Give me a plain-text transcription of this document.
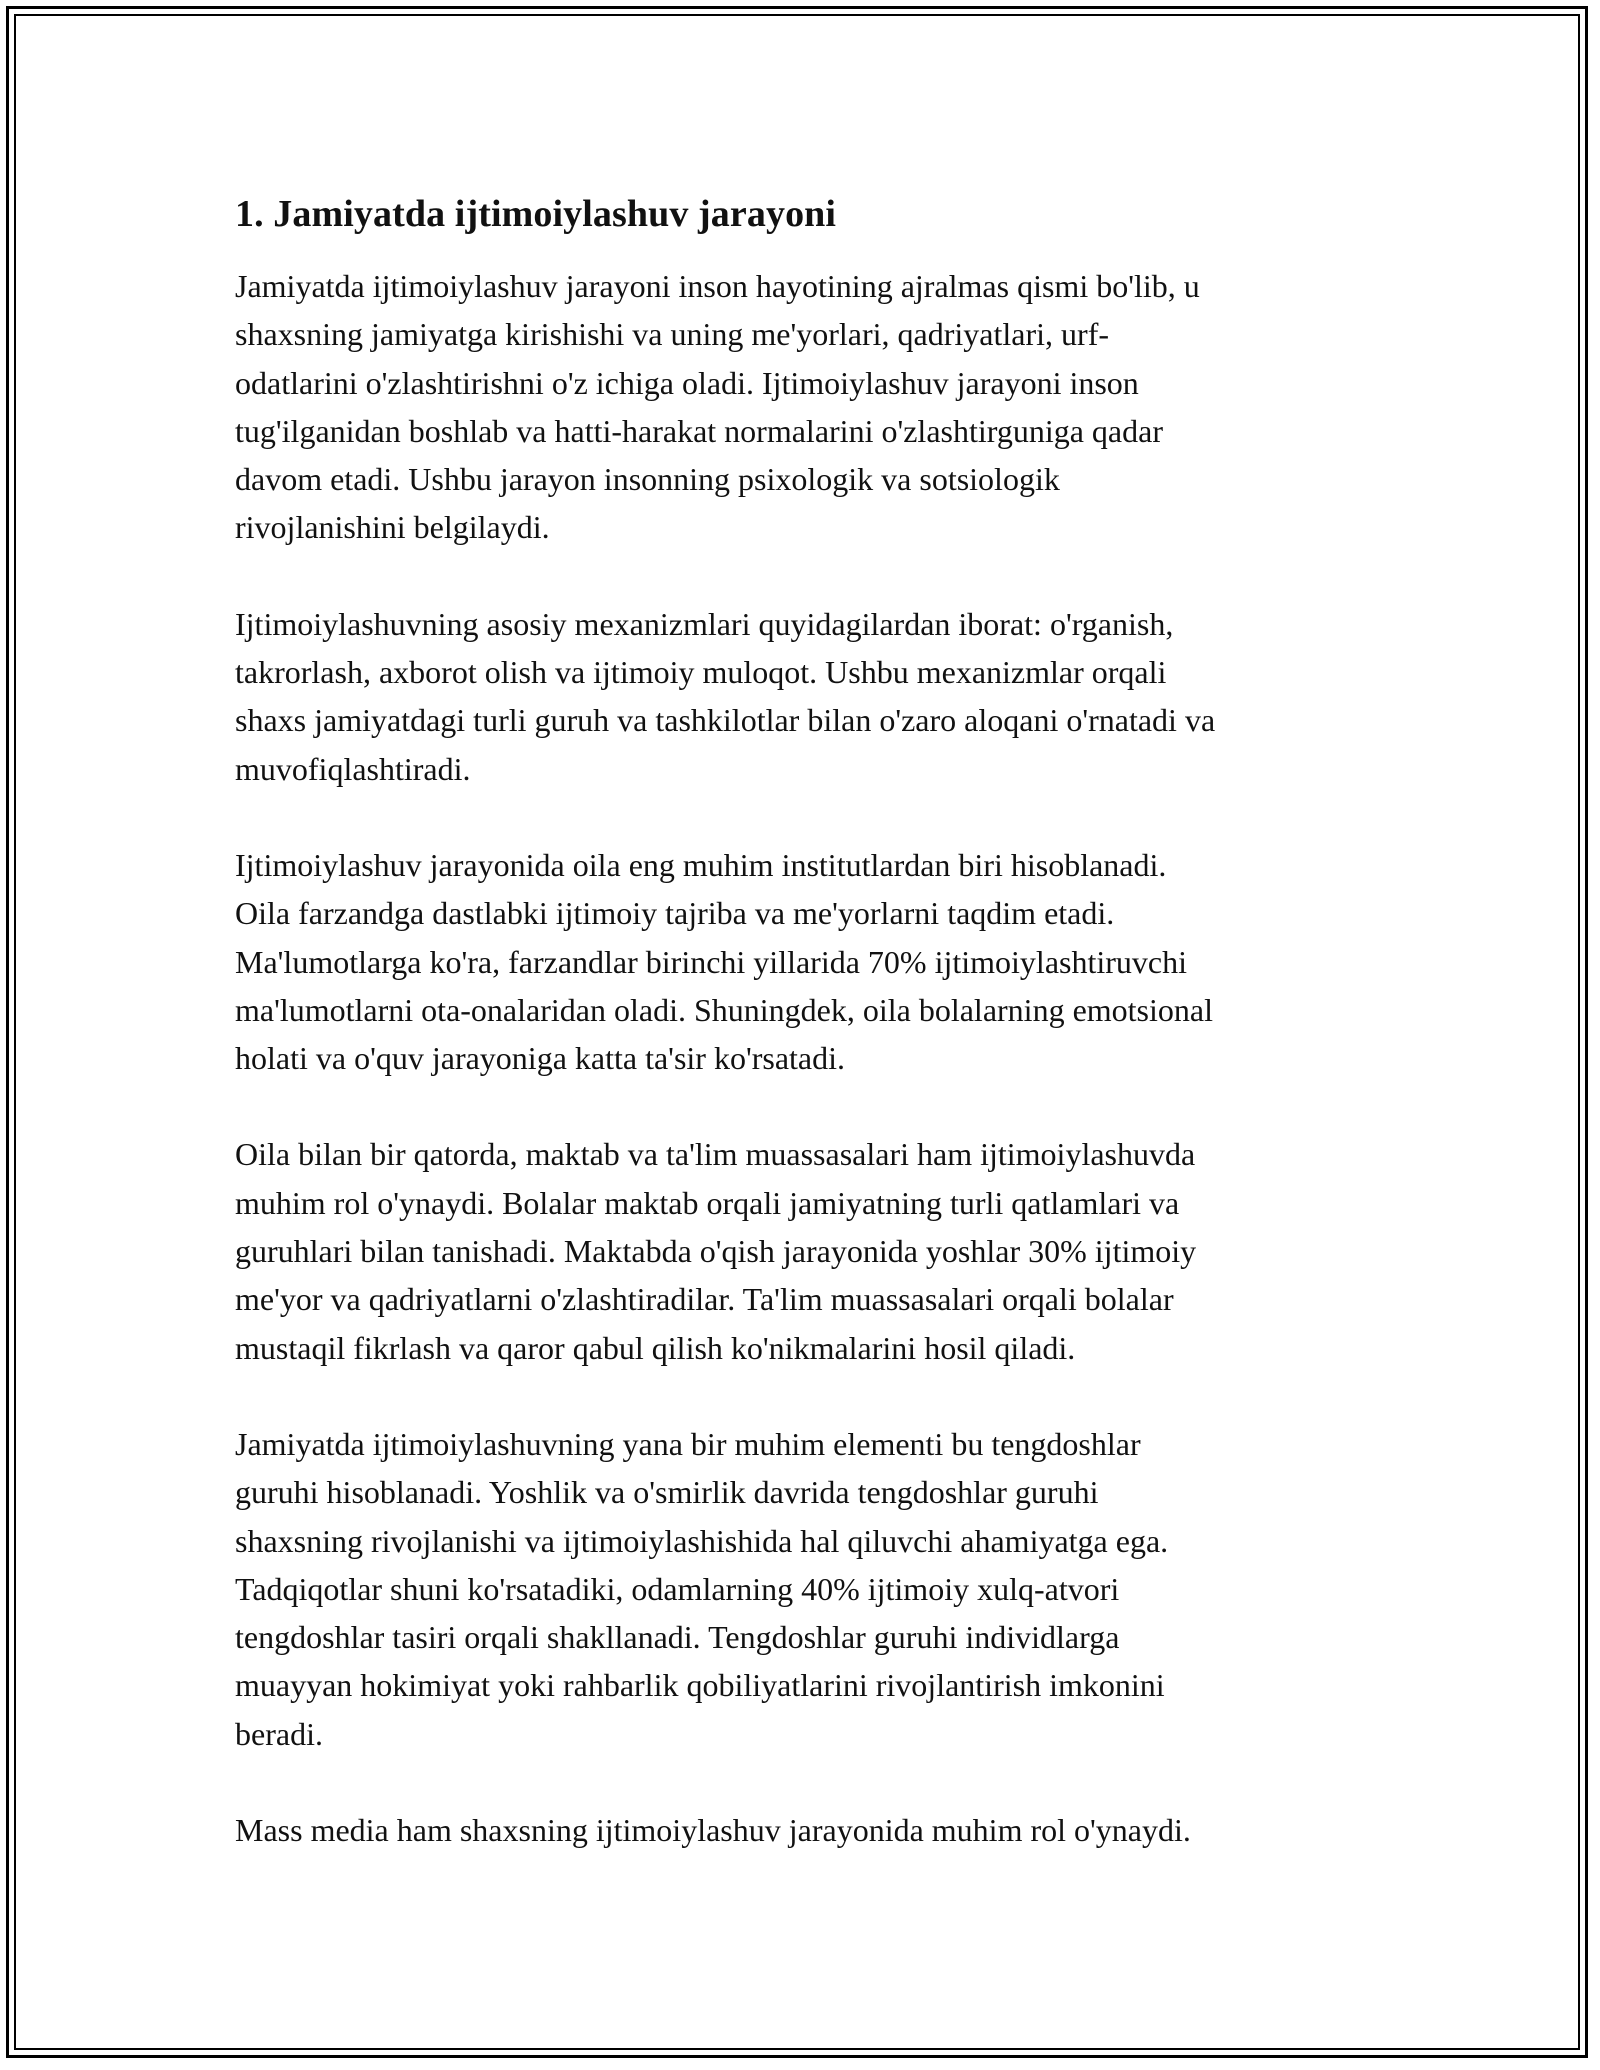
1. Jamiyatda ijtimoiylashuv jarayoni

Jamiyatda ijtimoiylashuv jarayoni inson hayotining ajralmas qismi bo'lib, u
shaxsning jamiyatga kirishishi va uning me'yorlari, qadriyatlari, urf-
odatlarini o'zlashtirishni o'z ichiga oladi. Ijtimoiylashuv jarayoni inson
tug'ilganidan boshlab va hatti-harakat normalarini o'zlashtirguniga qadar
davom etadi. Ushbu jarayon insonning psixologik va sotsiologik
rivojlanishini belgilaydi.

Ijtimoiylashuvning asosiy mexanizmlari quyidagilardan iborat: o'rganish,
takrorlash, axborot olish va ijtimoiy muloqot. Ushbu mexanizmlar orqali
shaxs jamiyatdagi turli guruh va tashkilotlar bilan o'zaro aloqani o'rnatadi va
muvofiqlashtiradi.

Ijtimoiylashuv jarayonida oila eng muhim institutlardan biri hisoblanadi.
Oila farzandga dastlabki ijtimoiy tajriba va me'yorlarni taqdim etadi.
Ma'lumotlarga ko'ra, farzandlar birinchi yillarida 70% ijtimoiylashtiruvchi
ma'lumotlarni ota-onalaridan oladi. Shuningdek, oila bolalarning emotsional
holati va o'quv jarayoniga katta ta'sir ko'rsatadi.

Oila bilan bir qatorda, maktab va ta'lim muassasalari ham ijtimoiylashuvda
muhim rol o'ynaydi. Bolalar maktab orqali jamiyatning turli qatlamlari va
guruhlari bilan tanishadi. Maktabda o'qish jarayonida yoshlar 30% ijtimoiy
me'yor va qadriyatlarni o'zlashtiradilar. Ta'lim muassasalari orqali bolalar
mustaqil fikrlash va qaror qabul qilish ko'nikmalarini hosil qiladi.

Jamiyatda ijtimoiylashuvning yana bir muhim elementi bu tengdoshlar
guruhi hisoblanadi. Yoshlik va o'smirlik davrida tengdoshlar guruhi
shaxsning rivojlanishi va ijtimoiylashishida hal qiluvchi ahamiyatga ega.
Tadqiqotlar shuni ko'rsatadiki, odamlarning 40% ijtimoiy xulq-atvori
tengdoshlar tasiri orqali shakllanadi. Tengdoshlar guruhi individlarga
muayyan hokimiyat yoki rahbarlik qobiliyatlarini rivojlantirish imkonini
beradi.

Mass media ham shaxsning ijtimoiylashuv jarayonida muhim rol o'ynaydi.
